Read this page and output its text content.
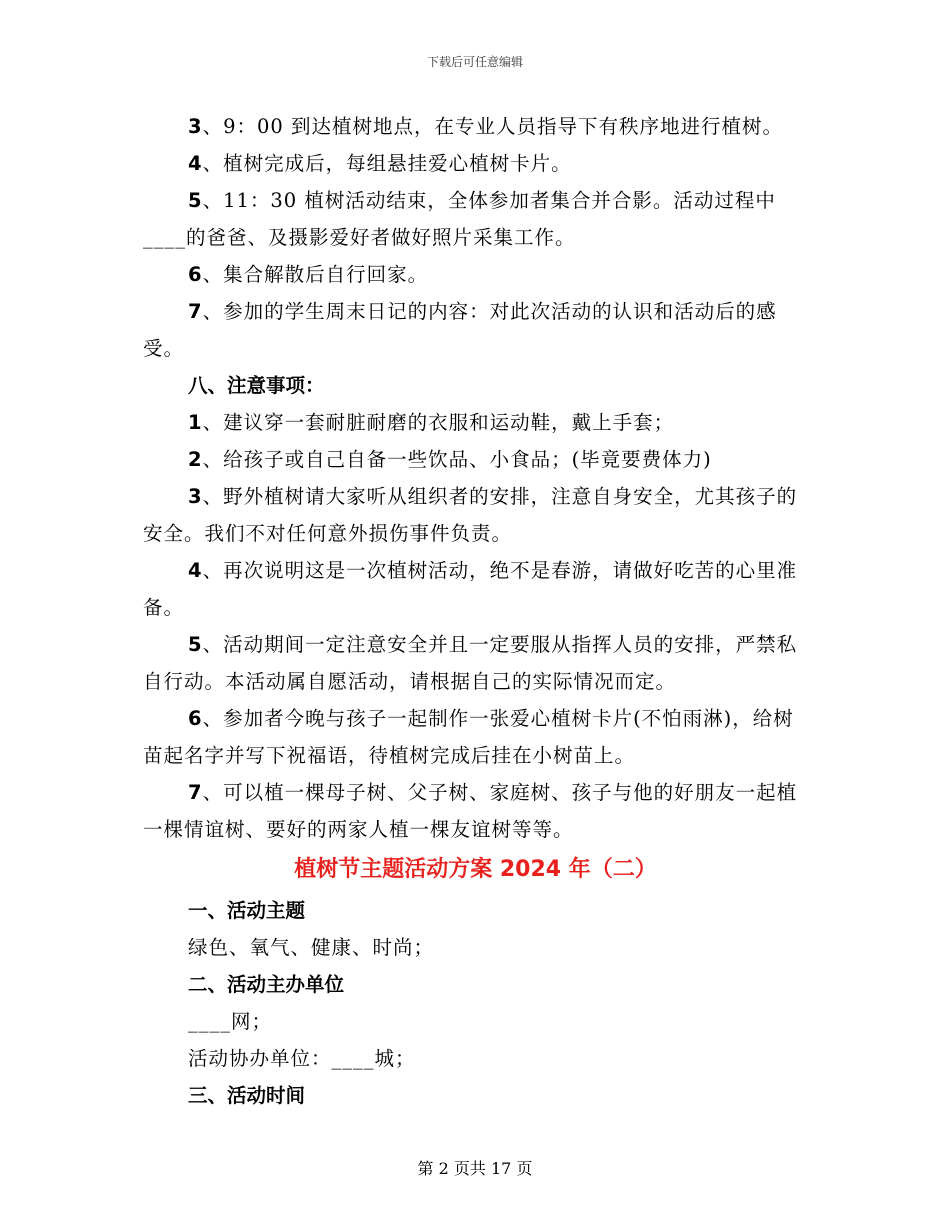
下载后可任意编辑

3、9：00 到达植树地点，在专业人员指导下有秩序地进行植树。

4、植树完成后，每组悬挂爱心植树卡片。

5、11：30 植树活动结束，全体参加者集合并合影。活动过程中____的爸爸、及摄影爱好者做好照片采集工作。

6、集合解散后自行回家。

7、参加的学生周末日记的内容：对此次活动的认识和活动后的感受。

八、注意事项：

1、建议穿一套耐脏耐磨的衣服和运动鞋，戴上手套；

2、给孩子或自己自备一些饮品、小食品；(毕竟要费体力)

3、野外植树请大家听从组织者的安排，注意自身安全，尤其孩子的安全。我们不对任何意外损伤事件负责。

4、再次说明这是一次植树活动，绝不是春游，请做好吃苦的心里准备。

5、活动期间一定注意安全并且一定要服从指挥人员的安排，严禁私自行动。本活动属自愿活动，请根据自己的实际情况而定。

6、参加者今晚与孩子一起制作一张爱心植树卡片(不怕雨淋)，给树苗起名字并写下祝福语，待植树完成后挂在小树苗上。

7、可以植一棵母子树、父子树、家庭树、孩子与他的好朋友一起植一棵情谊树、要好的两家人植一棵友谊树等等。

植树节主题活动方案 2024 年（二）

一、活动主题

绿色、氧气、健康、时尚；

二、活动主办单位

____网；

活动协办单位：____城；

三、活动时间

第 2 页共 17 页
